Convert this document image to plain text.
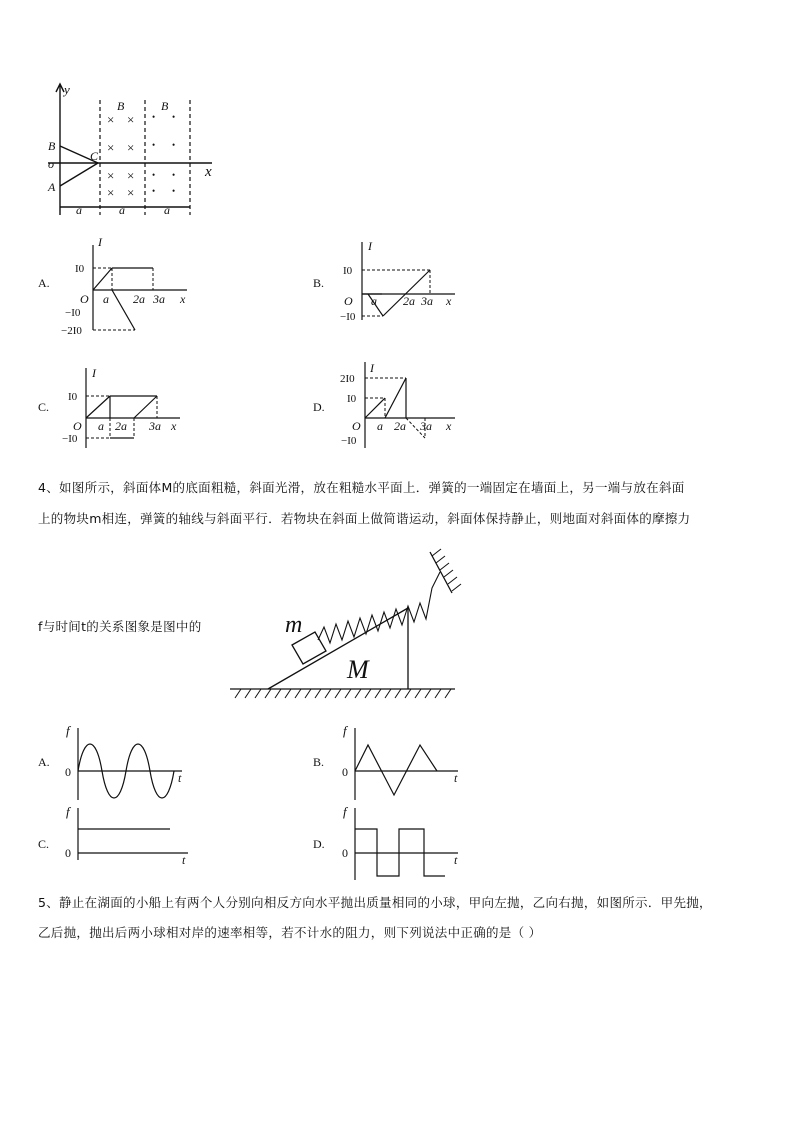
y
x
o
B
A
C
B	B
× ×
× ×
× ×
× ×
• •
• •
• •
• •
a	a	a
A.
I
x
O
I0
−I0
−2I0
a 2a 3a
B.
I
x
O
I0
−I0
a 2a 3a
C.
I
x
O
I0
−I0
a 2a 3a
D.
I
x
O
2I0
I0
−I0
a 2a 3a
4、如图所示，斜面体M的底面粗糙，斜面光滑，放在粗糙水平面上．弹簧的一端固定在墙面上，另一端与放在斜面
上的物块m相连，弹簧的轴线与斜面平行．若物块在斜面上做简谐运动，斜面体保持静止，则地面对斜面体的摩擦力
f与时间t的关系图象是图中的	m
M
A.
f
0	t
B.
f
0	t
C.
f
0	t
D.
f
0	t
5、静止在湖面的小船上有两个人分别向相反方向水平抛出质量相同的小球，甲向左抛，乙向右抛，如图所示．甲先抛，
乙后抛，抛出后两小球相对岸的速率相等，若不计水的阻力，则下列说法中正确的是（ ）
